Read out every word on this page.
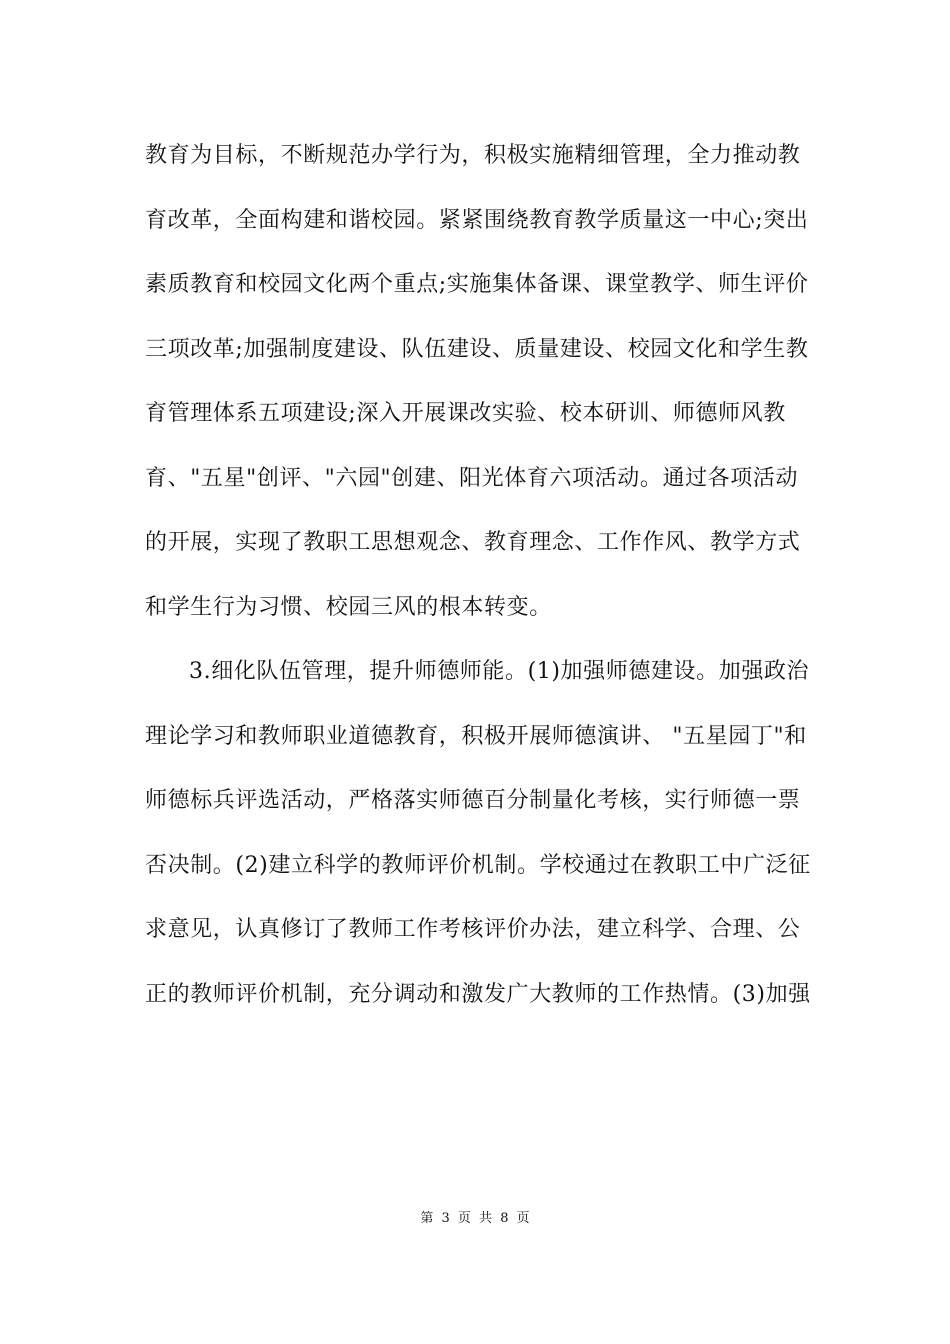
教育为目标，不断规范办学行为，积极实施精细管理，全力推动教
育改革，全面构建和谐校园。紧紧围绕教育教学质量这一中心;突出
素质教育和校园文化两个重点;实施集体备课、课堂教学、师生评价
三项改革;加强制度建设、队伍建设、质量建设、校园文化和学生教
育管理体系五项建设;深入开展课改实验、校本研训、师德师风教
育、"五星"创评、"六园"创建、阳光体育六项活动。通过各项活动
的开展，实现了教职工思想观念、教育理念、工作作风、教学方式
和学生行为习惯、校园三风的根本转变。
3.细化队伍管理，提升师德师能。(1)加强师德建设。加强政治
理论学习和教师职业道德教育，积极开展师德演讲、 "五星园丁"和
师德标兵评选活动，严格落实师德百分制量化考核，实行师德一票
否决制。(2)建立科学的教师评价机制。学校通过在教职工中广泛征
求意见，认真修订了教师工作考核评价办法，建立科学、合理、公
正的教师评价机制，充分调动和激发广大教师的工作热情。(3)加强
第 3 页 共 8 页
